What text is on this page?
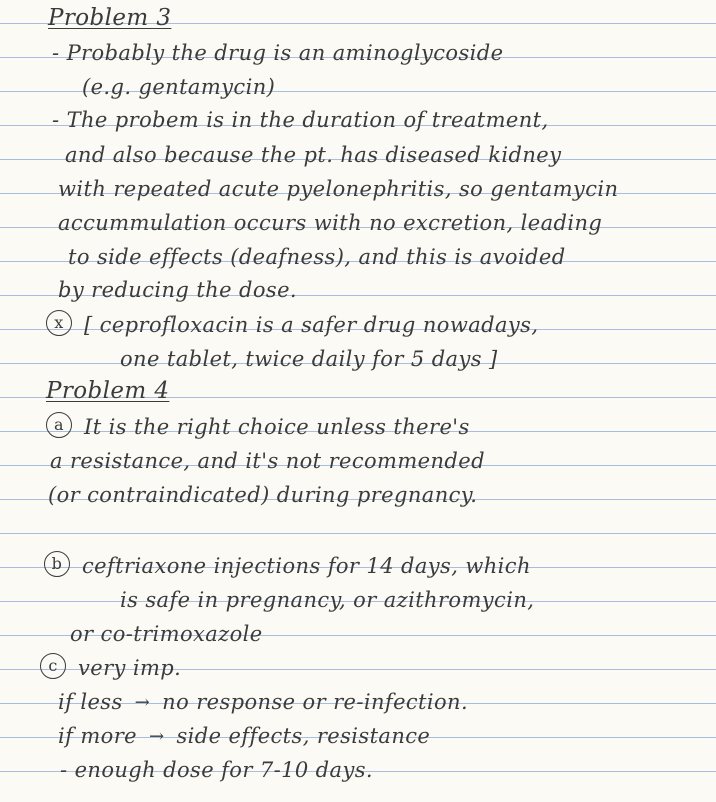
Problem 3
- Probably the drug is an aminoglycoside
(e.g. gentamycin)
- The probem is in the duration of treatment,
and also because the pt. has diseased kidney
with repeated acute pyelonephritis, so gentamycin
accummulation occurs with no excretion, leading
to side effects (deafness), and this is avoided
by reducing the dose.
x [ ceprofloxacin is a safer drug nowadays,
one tablet, twice daily for 5 days ]
Problem 4
a It is the right choice unless there's
a resistance, and it's not recommended
(or contraindicated) during pregnancy.
b ceftriaxone injections for 14 days, which
is safe in pregnancy, or azithromycin,
or co-trimoxazole
c very imp.
if less → no response or re-infection.
if more → side effects, resistance
- enough dose for 7-10 days.
